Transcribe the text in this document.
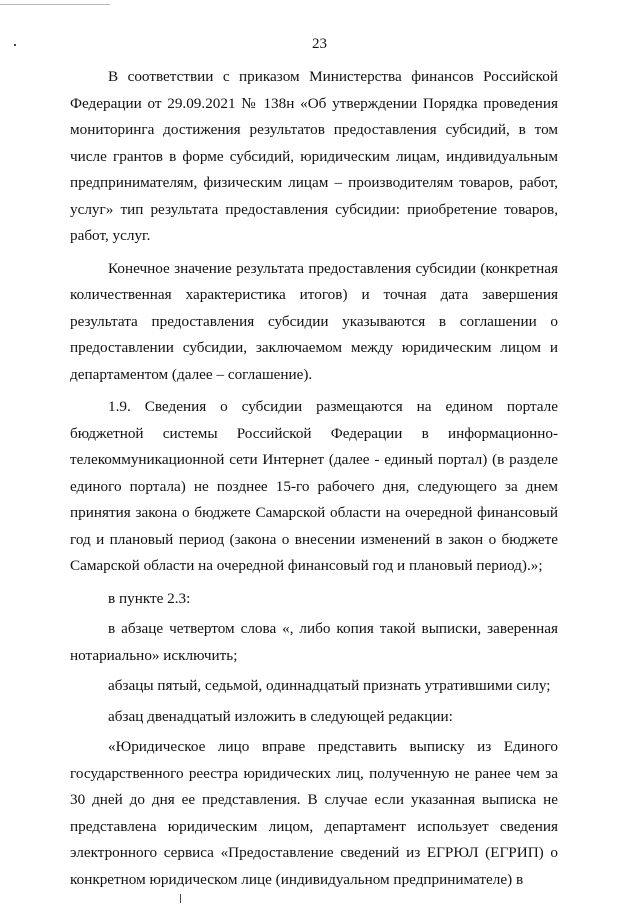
23

В соответствии с приказом Министерства финансов Российской Федерации от 29.09.2021 № 138н «Об утверждении Порядка проведения мониторинга достижения результатов предоставления субсидий, в том числе грантов в форме субсидий, юридическим лицам, индивидуальным предпринимателям, физическим лицам – производителям товаров, работ, услуг» тип результата предоставления субсидии: приобретение товаров, работ, услуг.

Конечное значение результата предоставления субсидии (конкретная количественная характеристика итогов) и точная дата завершения результата предоставления субсидии указываются в соглашении о предоставлении субсидии, заключаемом между юридическим лицом и департаментом (далее – соглашение).

1.9. Сведения о субсидии размещаются на едином портале бюджетной системы Российской Федерации в информационно-телекоммуникационной сети Интернет (далее - единый портал) (в разделе единого портала) не позднее 15-го рабочего дня, следующего за днем принятия закона о бюджете Самарской области на очередной финансовый год и плановый период (закона о внесении изменений в закон о бюджете Самарской области на очередной финансовый год и плановый период).»;

в пункте 2.3:

в абзаце четвертом слова «, либо копия такой выписки, заверенная нотариально» исключить;

абзацы пятый, седьмой, одиннадцатый признать утратившими силу;

абзац двенадцатый изложить в следующей редакции:

«Юридическое лицо вправе представить выписку из Единого государственного реестра юридических лиц, полученную не ранее чем за 30 дней до дня ее представления. В случае если указанная выписка не представлена юридическим лицом, департамент использует сведения электронного сервиса «Предоставление сведений из ЕГРЮЛ (ЕГРИП) о конкретном юридическом лице (индивидуальном предпринимателе) в
